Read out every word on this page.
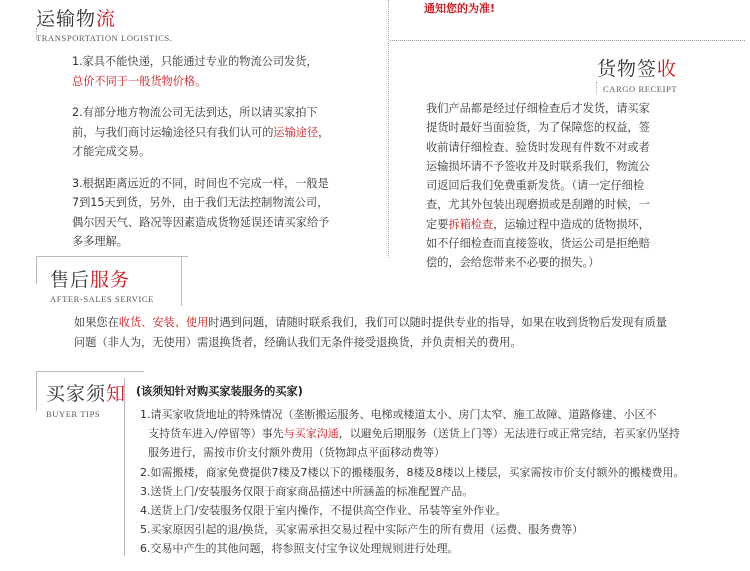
运输物流
TRANSPORTATION LOGISTICS.
1.家具不能快递，只能通过专业的物流公司发货，
总价不同于一般货物价格。
2.有部分地方物流公司无法到达，所以请买家拍下
前，与我们商讨运输途径只有我们认可的运输途径，
才能完成交易。
3.根据距离远近的不同，时间也不完成一样，一般是
7到15天到货，另外，由于我们无法控制物流公司，
偶尔因天气、路况等因素造成货物延误还请买家给予
多多理解。
通知您的为准!
货物签收
CARGO RECEIPT
我们产品都是经过仔细检查后才发货，请买家
提货时最好当面验货，为了保障您的权益，签
收前请仔细检查、验货时发现有件数不对或者
运输损坏请不予签收并及时联系我们，物流公
司返回后我们免费重新发货。（请一定仔细检
查，尤其外包装出现磨损或是刮蹭的时候，一
定要拆箱检查，运输过程中造成的货物损坏，
如不仔细检查而直接签收，货运公司是拒绝赔
偿的，会给您带来不必要的损失。）
售后服务
AFTER-SALES SERVICE
如果您在收货、安装、使用时遇到问题，请随时联系我们，我们可以随时提供专业的指导，如果在收到货物后发现有质量
问题（非人为，无使用）需退换货者，经确认我们无条件接受退换货，并负责相关的费用。
买家须知
BUYER TIPS
(该须知针对购买家装服务的买家)
1.请买家收货地址的特殊情况（垄断搬运服务、电梯或楼道太小、房门太窄、施工故障、道路修建、小区不
支持货车进入/停留等）事先与买家沟通，以避免后期服务（送货上门等）无法进行或正常完结，若买家仍坚持
服务进行，需按市价支付额外费用（货物卸点平面移动费等）
2.如需搬楼，商家免费提供7楼及7楼以下的搬楼服务，8楼及8楼以上楼层，买家需按市价支付额外的搬楼费用。
3.送货上门/安装服务仅限于商家商品描述中所涵盖的标准配置产品。
4.送货上门/安装服务仅限于室内操作，不提供高空作业、吊装等室外作业。
5.买家原因引起的退/换货，买家需承担交易过程中实际产生的所有费用（运费、服务费等）
6.交易中产生的其他问题，将参照支付宝争议处理规则进行处理。
